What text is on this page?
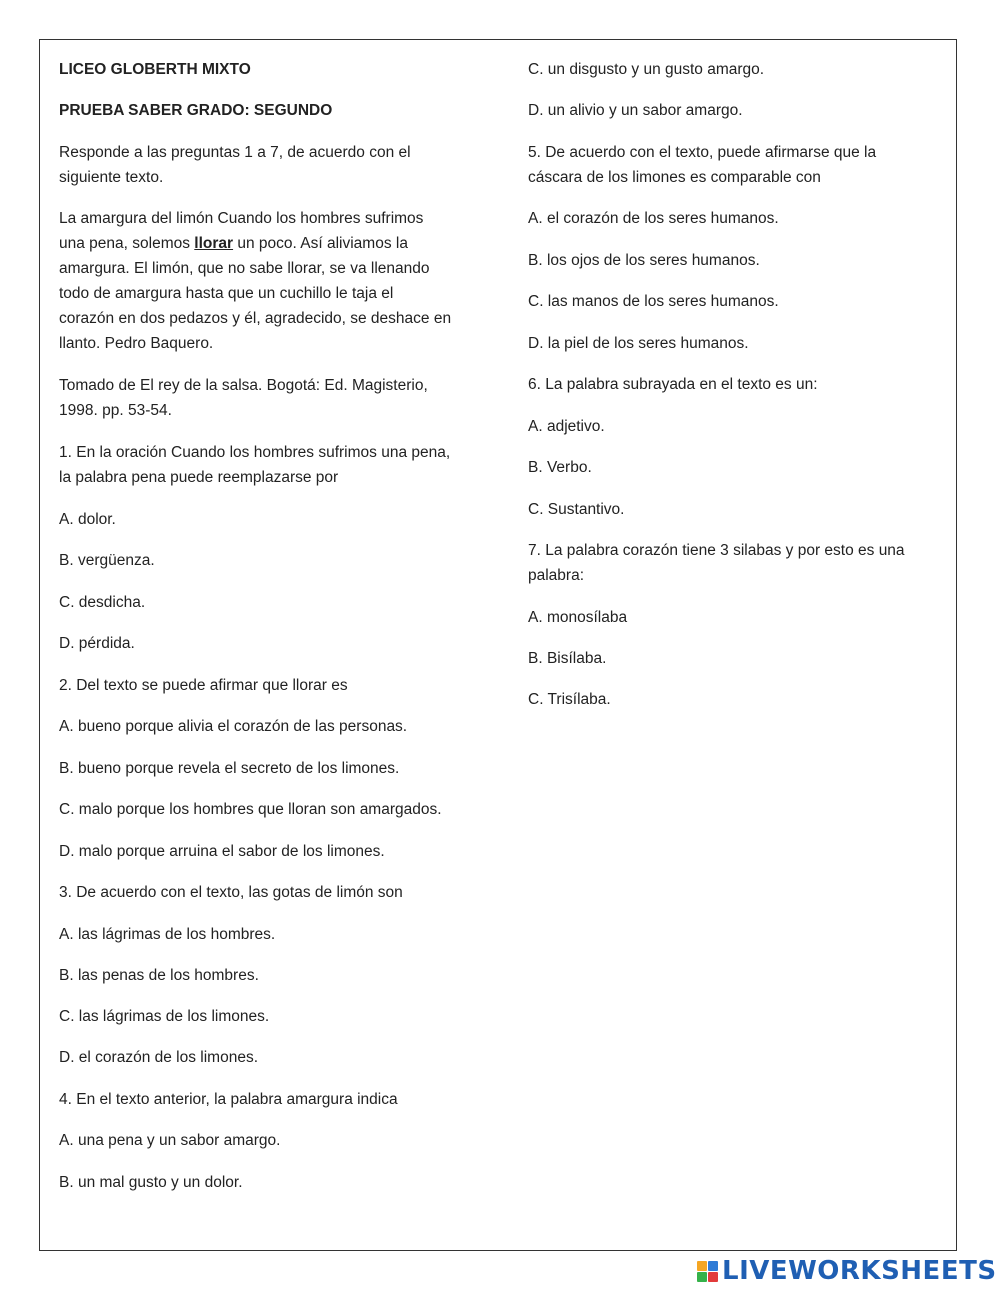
LICEO GLOBERTH MIXTO
PRUEBA SABER GRADO: SEGUNDO
Responde a las preguntas 1 a 7, de acuerdo con el
siguiente texto.
La amargura del limón Cuando los hombres sufrimos
una pena, solemos llorar un poco. Así aliviamos la
amargura. El limón, que no sabe llorar, se va llenando
todo de amargura hasta que un cuchillo le taja el
corazón en dos pedazos y él, agradecido, se deshace en
llanto. Pedro Baquero.
Tomado de El rey de la salsa. Bogotá: Ed. Magisterio,
1998. pp. 53-54.
1. En la oración Cuando los hombres sufrimos una pena,
la palabra pena puede reemplazarse por
A. dolor.
B. vergüenza.
C. desdicha.
D. pérdida.
2. Del texto se puede afirmar que llorar es
A. bueno porque alivia el corazón de las personas.
B. bueno porque revela el secreto de los limones.
C. malo porque los hombres que lloran son amargados.
D. malo porque arruina el sabor de los limones.
3. De acuerdo con el texto, las gotas de limón son
A. las lágrimas de los hombres.
B. las penas de los hombres.
C. las lágrimas de los limones.
D. el corazón de los limones.
4. En el texto anterior, la palabra amargura indica
A. una pena y un sabor amargo.
B. un mal gusto y un dolor.
C. un disgusto y un gusto amargo.
D. un alivio y un sabor amargo.
5. De acuerdo con el texto, puede afirmarse que la
cáscara de los limones es comparable con
A. el corazón de los seres humanos.
B. los ojos de los seres humanos.
C. las manos de los seres humanos.
D. la piel de los seres humanos.
6. La palabra subrayada en el texto es un:
A. adjetivo.
B. Verbo.
C. Sustantivo.
7. La palabra corazón tiene 3 silabas y por esto es una
palabra:
A. monosílaba
B. Bisílaba.
C. Trisílaba.
LIVEWORKSHEETS
